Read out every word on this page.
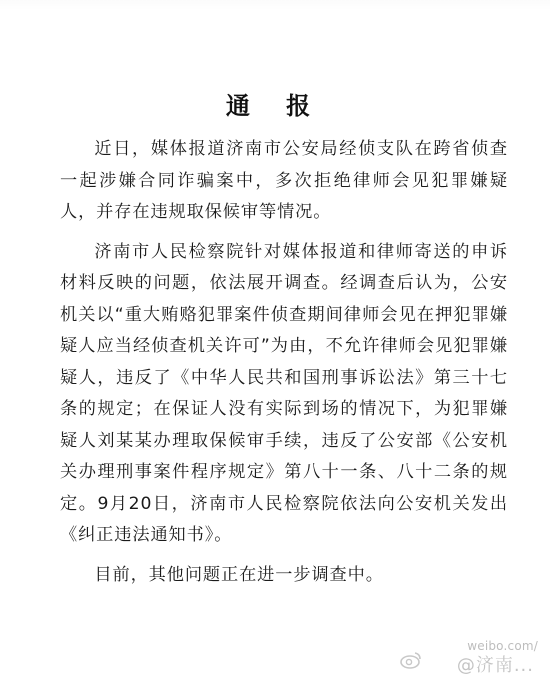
通 报

近日，媒体报道济南市公安局经侦支队在跨省侦查一起涉嫌合同诈骗案中，多次拒绝律师会见犯罪嫌疑人，并存在违规取保候审等情况。

济南市人民检察院针对媒体报道和律师寄送的申诉材料反映的问题，依法展开调查。经调查后认为，公安机关以“重大贿赂犯罪案件侦查期间律师会见在押犯罪嫌疑人应当经侦查机关许可”为由，不允许律师会见犯罪嫌疑人，违反了《中华人民共和国刑事诉讼法》第三十七条的规定；在保证人没有实际到场的情况下，为犯罪嫌疑人刘某某办理取保候审手续，违反了公安部《公安机关办理刑事案件程序规定》第八十一条、八十二条的规定。9月20日，济南市人民检察院依法向公安机关发出《纠正违法通知书》。

目前，其他问题正在进一步调查中。

weibo.com/
@济南...
